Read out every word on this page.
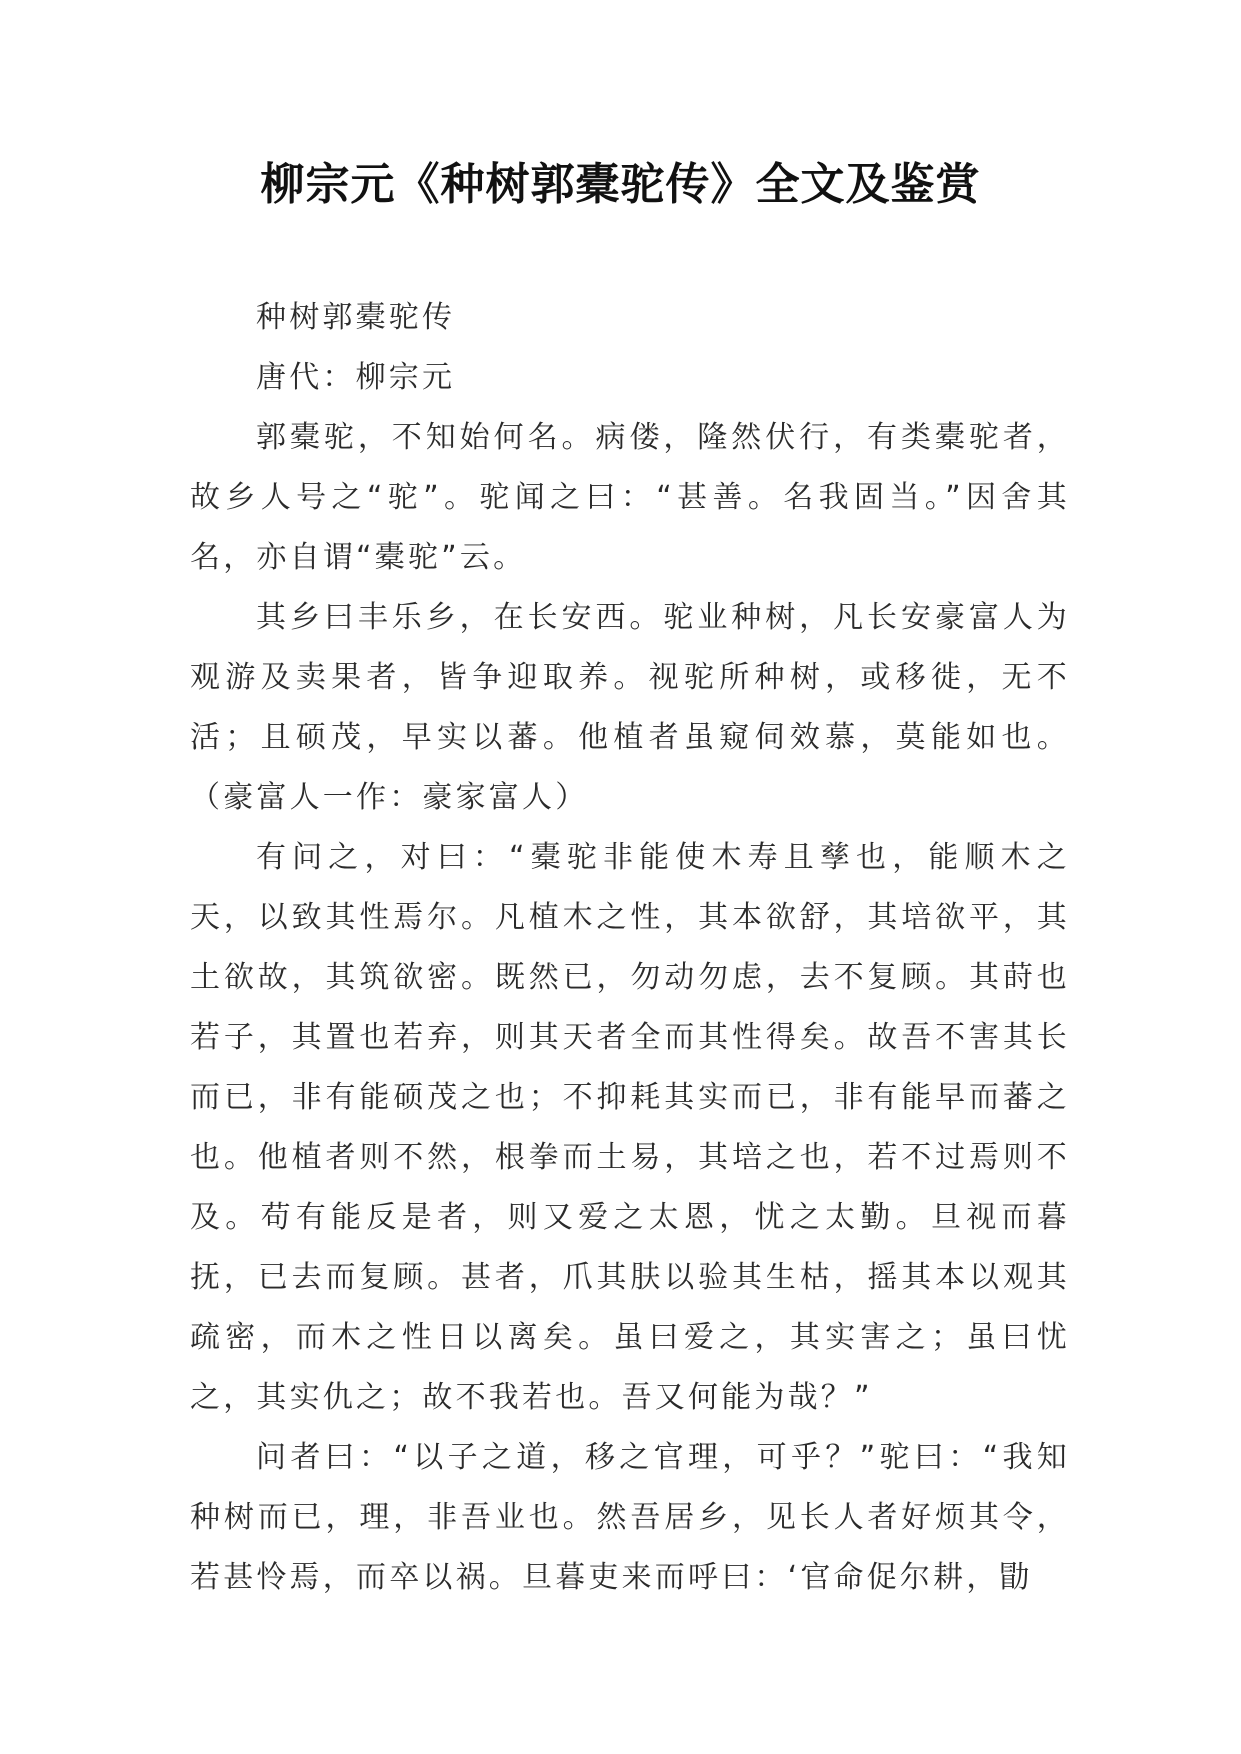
柳宗元《种树郭橐驼传》全文及鉴赏

种树郭橐驼传

唐代：柳宗元

郭橐驼，不知始何名。病偻，隆然伏行，有类橐驼者，故乡人号之“驼”。驼闻之曰：“甚善。名我固当。”因舍其名，亦自谓“橐驼”云。

其乡曰丰乐乡，在长安西。驼业种树，凡长安豪富人为观游及卖果者，皆争迎取养。视驼所种树，或移徙，无不活；且硕茂，早实以蕃。他植者虽窥伺效慕，莫能如也。（豪富人一作：豪家富人）

有问之，对曰：“橐驼非能使木寿且孳也，能顺木之天，以致其性焉尔。凡植木之性，其本欲舒，其培欲平，其土欲故，其筑欲密。既然已，勿动勿虑，去不复顾。其莳也若子，其置也若弃，则其天者全而其性得矣。故吾不害其长而已，非有能硕茂之也；不抑耗其实而已，非有能早而蕃之也。他植者则不然，根拳而土易，其培之也，若不过焉则不及。苟有能反是者，则又爱之太恩，忧之太勤。旦视而暮抚，已去而复顾。甚者，爪其肤以验其生枯，摇其本以观其疏密，而木之性日以离矣。虽曰爱之，其实害之；虽曰忧之，其实仇之；故不我若也。吾又何能为哉？”

问者曰：“以子之道，移之官理，可乎？”驼曰：“我知种树而已，理，非吾业也。然吾居乡，见长人者好烦其令，若甚怜焉，而卒以祸。旦暮吏来而呼曰：‘官命促尔耕，勖
